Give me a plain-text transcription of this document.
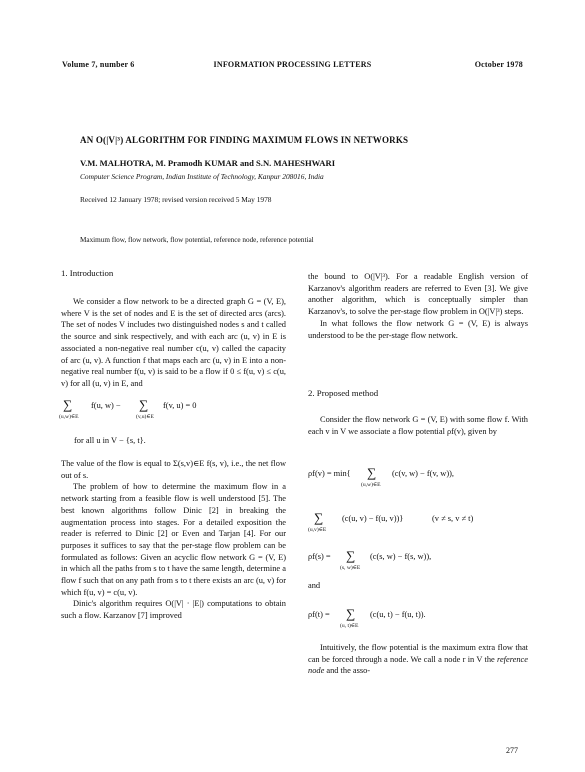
Volume 7, number 6	INFORMATION PROCESSING LETTERS	October 1978
AN O(|V|³) ALGORITHM FOR FINDING MAXIMUM FLOWS IN NETWORKS
V.M. MALHOTRA, M. Pramodh KUMAR and S.N. MAHESHWARI
Computer Science Program, Indian Institute of Technology, Kanpur 208016, India
Received 12 January 1978; revised version received 5 May 1978
Maximum flow, flow network, flow potential, reference node, reference potential
1. Introduction

We consider a flow network to be a directed graph G = (V, E), where V is the set of nodes and E is the set of directed arcs (arcs). The set of nodes V includes two distinguished nodes s and t called the source and sink respectively, and with each arc (u, v) in E is associated a non-negative real number c(u, v) called the capacity of arc (u, v). A function f that maps each arc (u, v) in E into a non-negative real number f(u, v) is said to be a flow if 0 ≤ f(u, v) ≤ c(u, v) for all (u, v) in E, and

∑
(u,w)∈E
f(u, w) − ∑
(v,u)∈E
f(v, u) = 0
for all u in V − {s, t}.

The value of the flow is equal to Σ(s,v)∈E f(s, v), i.e., the net flow out of s.

The problem of how to determine the maximum flow in a network starting from a feasible flow is well understood [5]. The best known algorithms follow Dinic [2] in breaking the augmentation process into stages. For a detailed exposition the reader is referred to Dinic [2] or Even and Tarjan [4]. For our purposes it suffices to say that the per-stage flow problem can be formulated as follows: Given an acyclic flow network G = (V, E) in which all the paths from s to t have the same length, determine a flow f such that on any path from s to t there exists an arc (u, v) for which f(u, v) = c(u, v).

Dinic's algorithm requires O(|V| · |E|) computations to obtain such a flow. Karzanov [7] improved

the bound to O(|V|³). For a readable English version of Karzanov's algorithm readers are referred to Even [3]. We give another algorithm, which is conceptually simpler than Karzanov's, to solve the per-stage flow problem in O(|V|³) steps.

In what follows the flow network G = (V, E) is always understood to be the per-stage flow network.

2. Proposed method

Consider the flow network G = (V, E) with some flow f. With each v in V we associate a flow potential ρf(v), given by

ρf(v) = min{ ∑
(u,w)∈E
(c(v, w) − f(v, w)),
∑
(u,v)∈E
(c(u, v) − f(u, v))}	(v ≠ s, v ≠ t)
ρf(s) = ∑
(s, w)∈E
(c(s, w) − f(s, w)),
and
ρf(t) = ∑
(u, t)∈E
(c(u, t) − f(u, t)).

Intuitively, the flow potential is the maximum extra flow that can be forced through a node. We call a node r in V the reference node and the asso-

277
